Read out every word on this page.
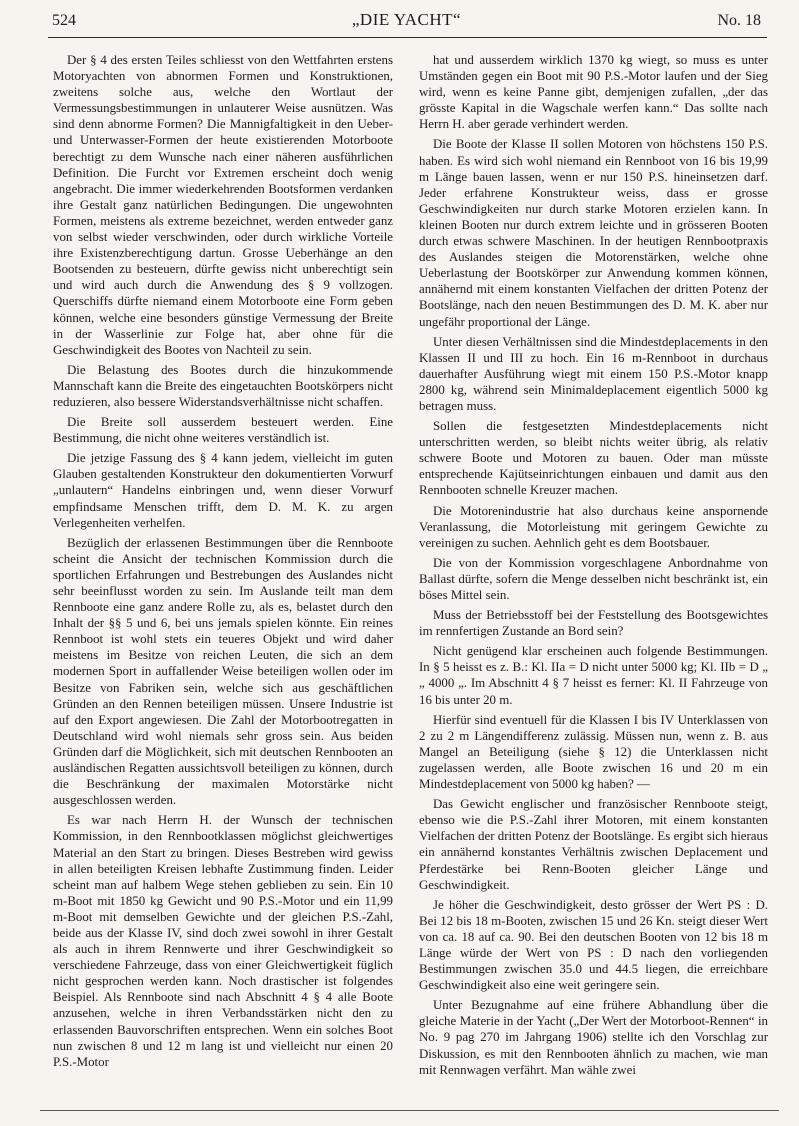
524	„DIE YACHT“	No. 18

Der § 4 des ersten Teiles schliesst von den Wettfahrten erstens Motoryachten von abnormen Formen und Konstruktionen, zweitens solche aus, welche den Wortlaut der Vermessungsbestimmungen in unlauterer Weise ausnützen. Was sind denn abnorme Formen? Die Mannigfaltigkeit in den Ueber- und Unterwasser-Formen der heute existierenden Motorboote berechtigt zu dem Wunsche nach einer näheren ausführlichen Definition. Die Furcht vor Extremen erscheint doch wenig angebracht. Die immer wiederkehrenden Bootsformen verdanken ihre Gestalt ganz natürlichen Bedingungen. Die ungewohnten Formen, meistens als extreme bezeichnet, werden entweder ganz von selbst wieder verschwinden, oder durch wirkliche Vorteile ihre Existenzberechtigung dartun. Grosse Ueberhänge an den Bootsenden zu besteuern, dürfte gewiss nicht unberechtigt sein und wird auch durch die Anwendung des § 9 vollzogen. Querschiffs dürfte niemand einem Motorboote eine Form geben können, welche eine besonders günstige Vermessung der Breite in der Wasserlinie zur Folge hat, aber ohne für die Geschwindigkeit des Bootes von Nachteil zu sein.

Die Belastung des Bootes durch die hinzukommende Mannschaft kann die Breite des eingetauchten Bootskörpers nicht reduzieren, also bessere Widerstandsverhältnisse nicht schaffen.

Die Breite soll ausserdem besteuert werden. Eine Bestimmung, die nicht ohne weiteres verständlich ist.

Die jetzige Fassung des § 4 kann jedem, vielleicht im guten Glauben gestaltenden Konstrukteur den dokumentierten Vorwurf „unlautern“ Handelns einbringen und, wenn dieser Vorwurf empfindsame Menschen trifft, dem D. M. K. zu argen Verlegenheiten verhelfen.

Bezüglich der erlassenen Bestimmungen über die Rennboote scheint die Ansicht der technischen Kommission durch die sportlichen Erfahrungen und Bestrebungen des Auslandes nicht sehr beeinflusst worden zu sein. Im Auslande teilt man dem Rennboote eine ganz andere Rolle zu, als es, belastet durch den Inhalt der §§ 5 und 6, bei uns jemals spielen könnte. Ein reines Rennboot ist wohl stets ein teueres Objekt und wird daher meistens im Besitze von reichen Leuten, die sich an dem modernen Sport in auffallender Weise beteiligen wollen oder im Besitze von Fabriken sein, welche sich aus geschäftlichen Gründen an den Rennen beteiligen müssen. Unsere Industrie ist auf den Export angewiesen. Die Zahl der Motorbootregatten in Deutschland wird wohl niemals sehr gross sein. Aus beiden Gründen darf die Möglichkeit, sich mit deutschen Rennbooten an ausländischen Regatten aussichtsvoll beteiligen zu können, durch die Beschränkung der maximalen Motorstärke nicht ausgeschlossen werden.

Es war nach Herrn H. der Wunsch der technischen Kommission, in den Rennbootklassen möglichst gleichwertiges Material an den Start zu bringen. Dieses Bestreben wird gewiss in allen beteiligten Kreisen lebhafte Zustimmung finden. Leider scheint man auf halbem Wege stehen geblieben zu sein. Ein 10 m-Boot mit 1850 kg Gewicht und 90 P.S.-Motor und ein 11,99 m-Boot mit demselben Gewichte und der gleichen P.S.-Zahl, beide aus der Klasse IV, sind doch zwei sowohl in ihrer Gestalt als auch in ihrem Rennwerte und ihrer Geschwindigkeit so verschiedene Fahrzeuge, dass von einer Gleichwertigkeit füglich nicht gesprochen werden kann. Noch drastischer ist folgendes Beispiel. Als Rennboote sind nach Abschnitt 4 § 4 alle Boote anzusehen, welche in ihren Verbandsstärken nicht den zu erlassenden Bauvorschriften entsprechen. Wenn ein solches Boot nun zwischen 8 und 12 m lang ist und vielleicht nur einen 20 P.S.-Motor

hat und ausserdem wirklich 1370 kg wiegt, so muss es unter Umständen gegen ein Boot mit 90 P.S.-Motor laufen und der Sieg wird, wenn es keine Panne gibt, demjenigen zufallen, „der das grösste Kapital in die Wagschale werfen kann.“ Das sollte nach Herrn H. aber gerade verhindert werden.

Die Boote der Klasse II sollen Motoren von höchstens 150 P.S. haben. Es wird sich wohl niemand ein Rennboot von 16 bis 19,99 m Länge bauen lassen, wenn er nur 150 P.S. hineinsetzen darf. Jeder erfahrene Konstrukteur weiss, dass er grosse Geschwindigkeiten nur durch starke Motoren erzielen kann. In kleinen Booten nur durch extrem leichte und in grösseren Booten durch etwas schwere Maschinen. In der heutigen Rennbootpraxis des Auslandes steigen die Motorenstärken, welche ohne Ueberlastung der Bootskörper zur Anwendung kommen können, annähernd mit einem konstanten Vielfachen der dritten Potenz der Bootslänge, nach den neuen Bestimmungen des D. M. K. aber nur ungefähr proportional der Länge.

Unter diesen Verhältnissen sind die Mindestdeplacements in den Klassen II und III zu hoch. Ein 16 m-Rennboot in durchaus dauerhafter Ausführung wiegt mit einem 150 P.S.-Motor knapp 2800 kg, während sein Minimaldeplacement eigentlich 5000 kg betragen muss.

Sollen die festgesetzten Mindestdeplacements nicht unterschritten werden, so bleibt nichts weiter übrig, als relativ schwere Boote und Motoren zu bauen. Oder man müsste entsprechende Kajütseinrichtungen einbauen und damit aus den Rennbooten schnelle Kreuzer machen.

Die Motorenindustrie hat also durchaus keine anspornende Veranlassung, die Motorleistung mit geringem Gewichte zu vereinigen zu suchen. Aehnlich geht es dem Bootsbauer.

Die von der Kommission vorgeschlagene Anbordnahme von Ballast dürfte, sofern die Menge desselben nicht beschränkt ist, ein böses Mittel sein.

Muss der Betriebsstoff bei der Feststellung des Bootsgewichtes im rennfertigen Zustande an Bord sein?

Nicht genügend klar erscheinen auch folgende Bestimmungen. In § 5 heisst es z. B.: Kl. IIa = D nicht unter 5000 kg; Kl. IIb = D „ „ 4000 „. Im Abschnitt 4 § 7 heisst es ferner: Kl. II Fahrzeuge von 16 bis unter 20 m.

Hierfür sind eventuell für die Klassen I bis IV Unterklassen von 2 zu 2 m Längendifferenz zulässig. Müssen nun, wenn z. B. aus Mangel an Beteiligung (siehe § 12) die Unterklassen nicht zugelassen werden, alle Boote zwischen 16 und 20 m ein Mindestdeplacement von 5000 kg haben? —

Das Gewicht englischer und französischer Rennboote steigt, ebenso wie die P.S.-Zahl ihrer Motoren, mit einem konstanten Vielfachen der dritten Potenz der Bootslänge. Es ergibt sich hieraus ein annähernd konstantes Verhältnis zwischen Deplacement und Pferdestärke bei Renn-Booten gleicher Länge und Geschwindigkeit.

Je höher die Geschwindigkeit, desto grösser der Wert PS : D. Bei 12 bis 18 m-Booten, zwischen 15 und 26 Kn. steigt dieser Wert von ca. 18 auf ca. 90. Bei den deutschen Booten von 12 bis 18 m Länge würde der Wert von PS : D nach den vorliegenden Bestimmungen zwischen 35.0 und 44.5 liegen, die erreichbare Geschwindigkeit also eine weit geringere sein.

Unter Bezugnahme auf eine frühere Abhandlung über die gleiche Materie in der Yacht („Der Wert der Motorboot-Rennen“ in No. 9 pag 270 im Jahrgang 1906) stellte ich den Vorschlag zur Diskussion, es mit den Rennbooten ähnlich zu machen, wie man mit Rennwagen verfährt. Man wähle zwei
